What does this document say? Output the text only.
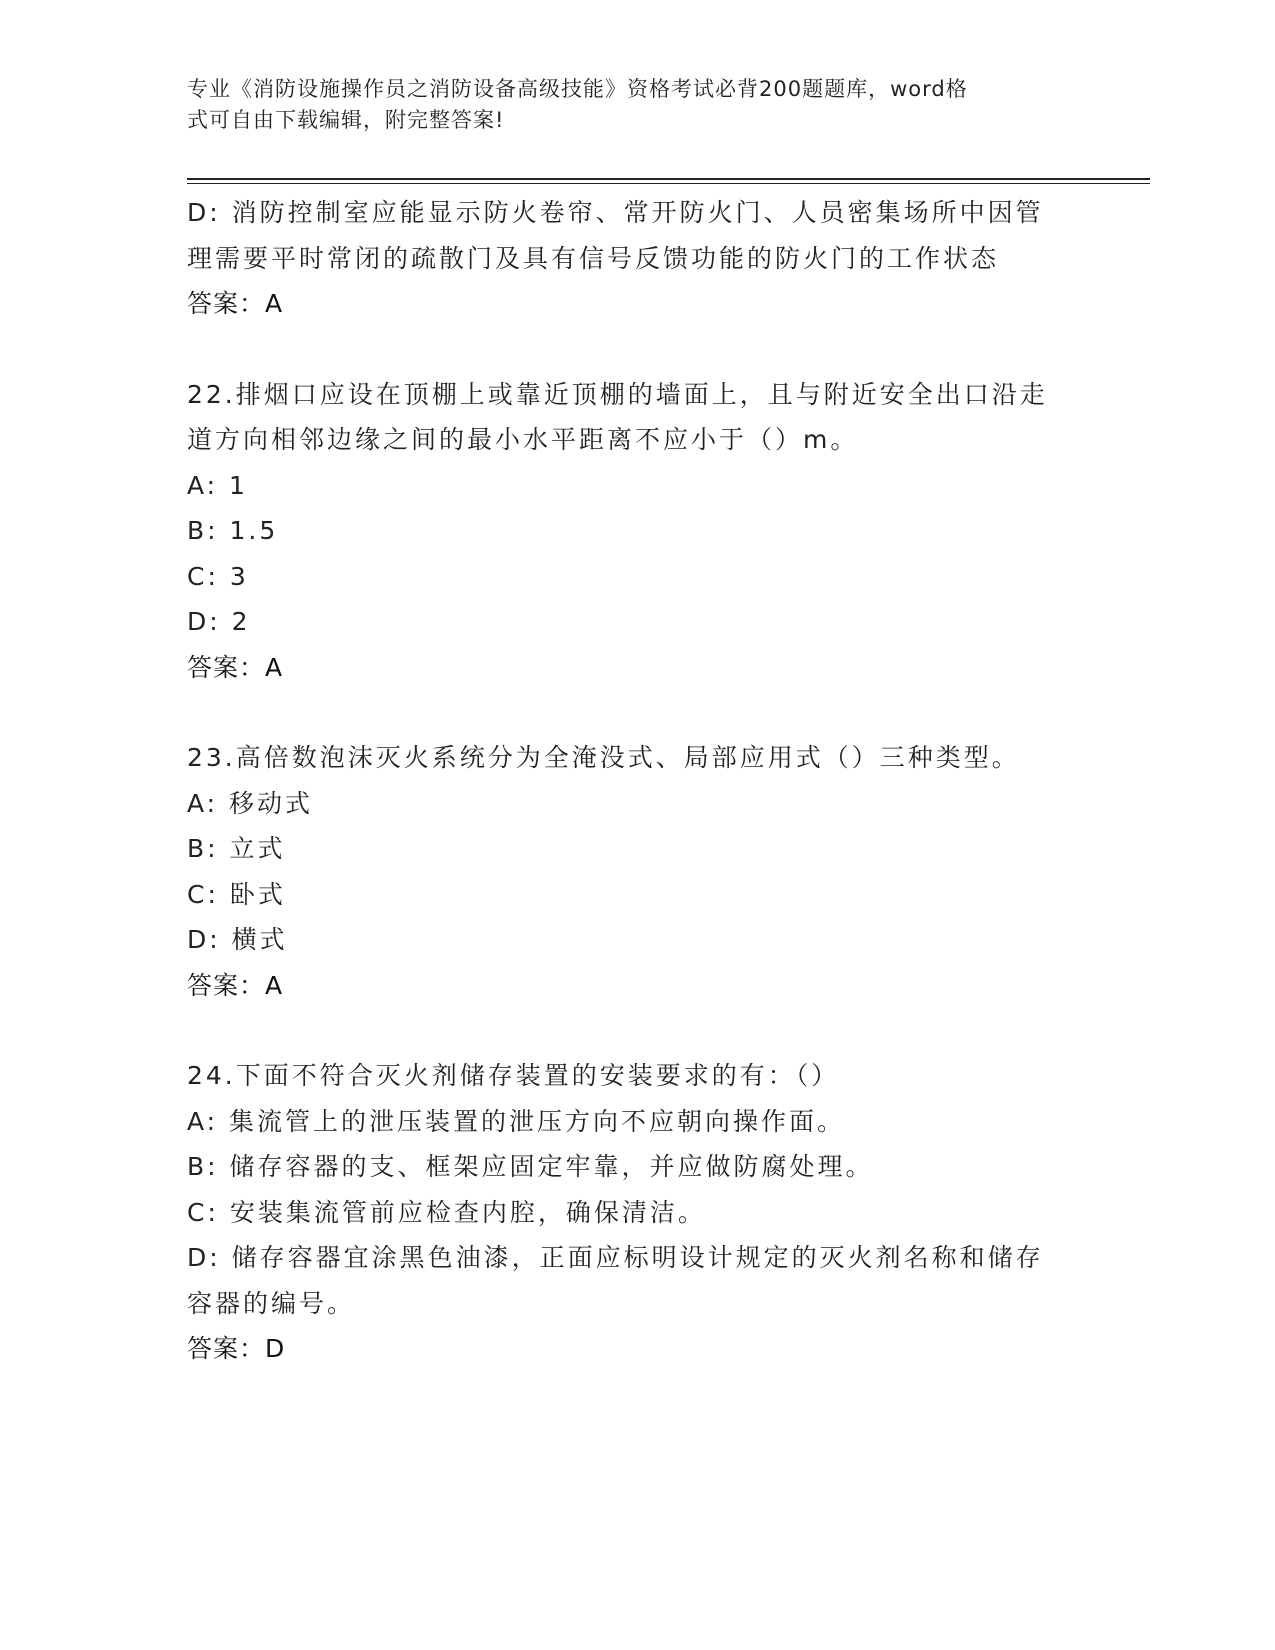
专业《消防设施操作员之消防设备高级技能》资格考试必背200题题库，word格
式可自由下载编辑，附完整答案!
D: 消防控制室应能显示防火卷帘、常开防火门、人员密集场所中因管
理需要平时常闭的疏散门及具有信号反馈功能的防火门的工作状态
答案：A
22.排烟口应设在顶棚上或靠近顶棚的墙面上，且与附近安全出口沿走
道方向相邻边缘之间的最小水平距离不应小于（）m。
A: 1
B: 1.5
C: 3
D: 2
答案：A
23.高倍数泡沫灭火系统分为全淹没式、局部应用式（）三种类型。
A: 移动式
B: 立式
C: 卧式
D: 横式
答案：A
24.下面不符合灭火剂储存装置的安装要求的有：（）
A: 集流管上的泄压装置的泄压方向不应朝向操作面。
B: 储存容器的支、框架应固定牢靠，并应做防腐处理。
C: 安装集流管前应检查内腔，确保清洁。
D: 储存容器宜涂黑色油漆，正面应标明设计规定的灭火剂名称和储存
容器的编号。
答案：D
